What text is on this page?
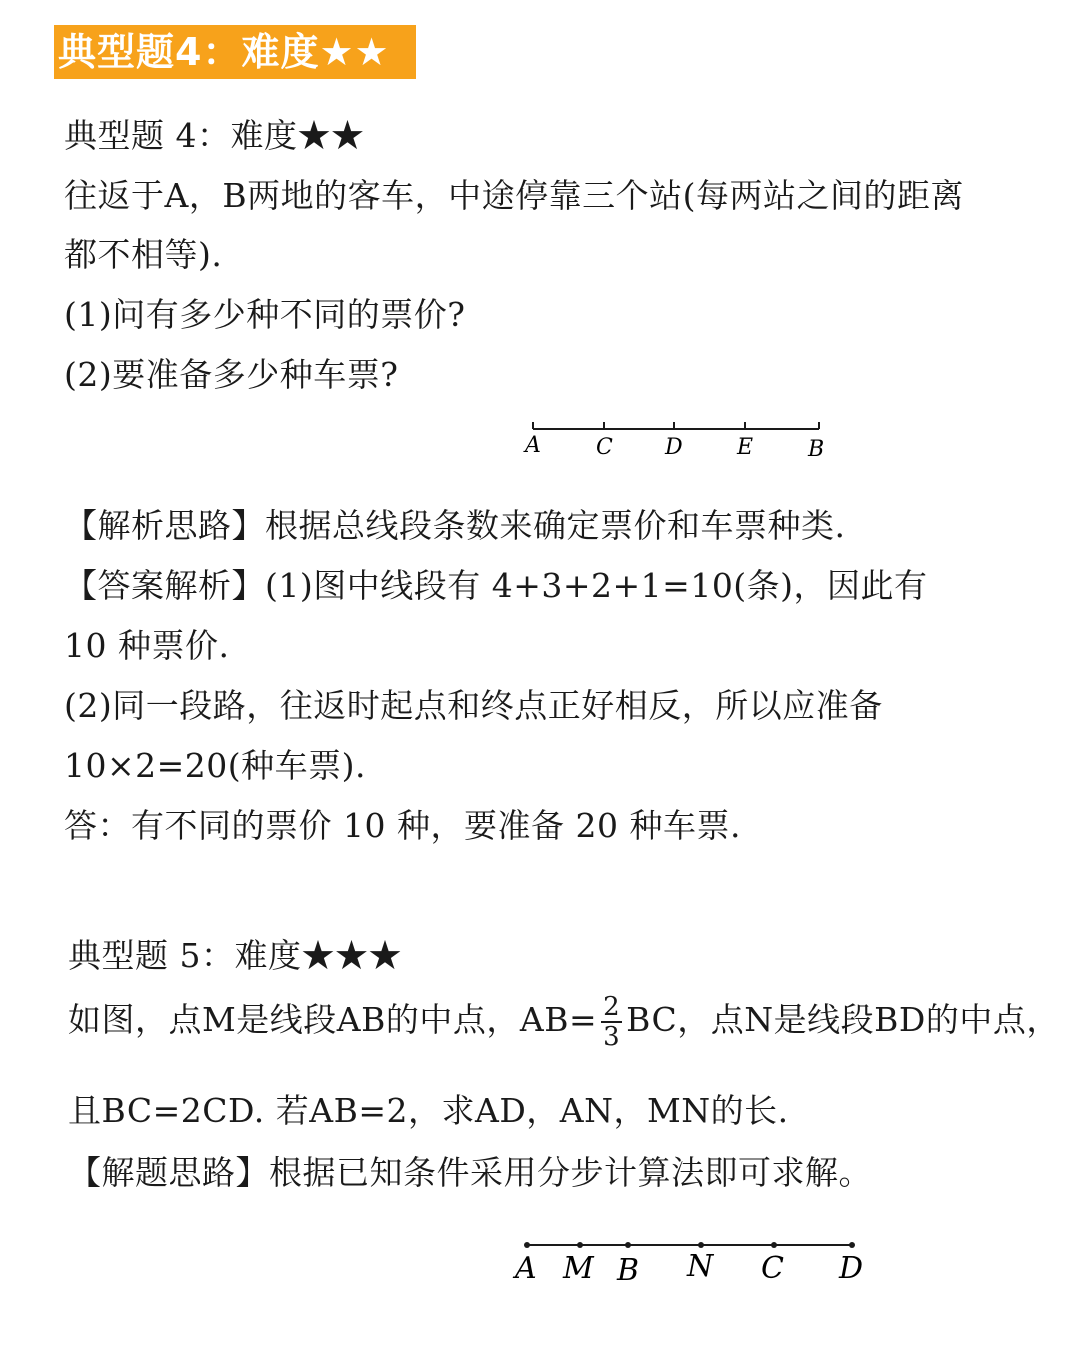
典型题4：难度★★
典型题 4：难度★★
往返于A，B两地的客车，中途停靠三个站(每两站之间的距离
都不相等).
(1)问有多少种不同的票价?
(2)要准备多少种车票?
A	C D E B
【解析思路】根据总线段条数来确定票价和车票种类.
【答案解析】(1)图中线段有 4+3+2+1=10(条)，因此有
10 种票价.
(2)同一段路，往返时起点和终点正好相反，所以应准备
10×2=20(种车票).
答：有不同的票价 10 种，要准备 20 种车票.
典型题 5：难度★★★
如图，点M是线段AB的中点，$AB= \frac{2}{3}$ BC，点N是线段BD的中点，
且BC=2CD. 若AB=2，求AD，AN，MN的长.
【解题思路】根据已知条件采用分步计算法即可求解。
A M B N C D
